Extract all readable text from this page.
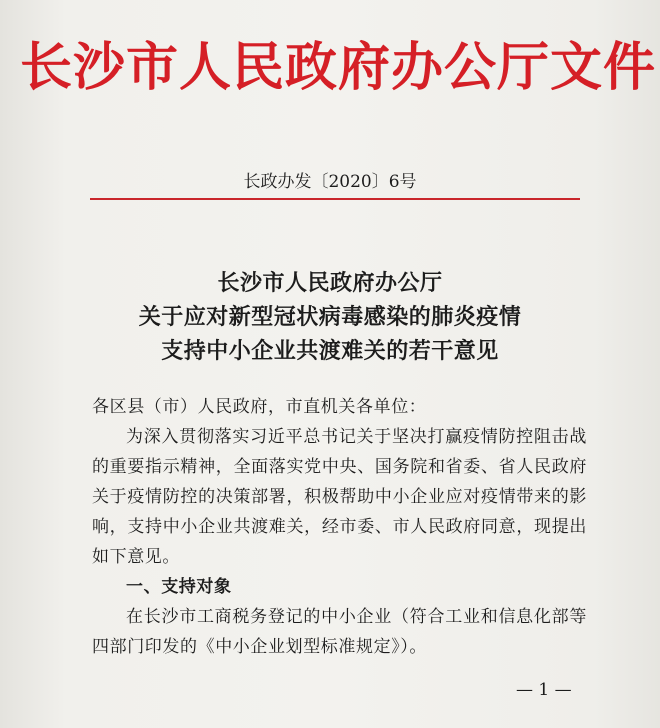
长沙市人民政府办公厅文件
长政办发〔2020〕6号
长沙市人民政府办公厅
关于应对新型冠状病毒感染的肺炎疫情
支持中小企业共渡难关的若干意见

各区县（市）人民政府，市直机关各单位：

为深入贯彻落实习近平总书记关于坚决打赢疫情防控阻击战的重要指示精神，全面落实党中央、国务院和省委、省人民政府关于疫情防控的决策部署，积极帮助中小企业应对疫情带来的影响，支持中小企业共渡难关，经市委、市人民政府同意，现提出如下意见。

一、支持对象

在长沙市工商税务登记的中小企业（符合工业和信息化部等四部门印发的《中小企业划型标准规定》）。

— 1 —
